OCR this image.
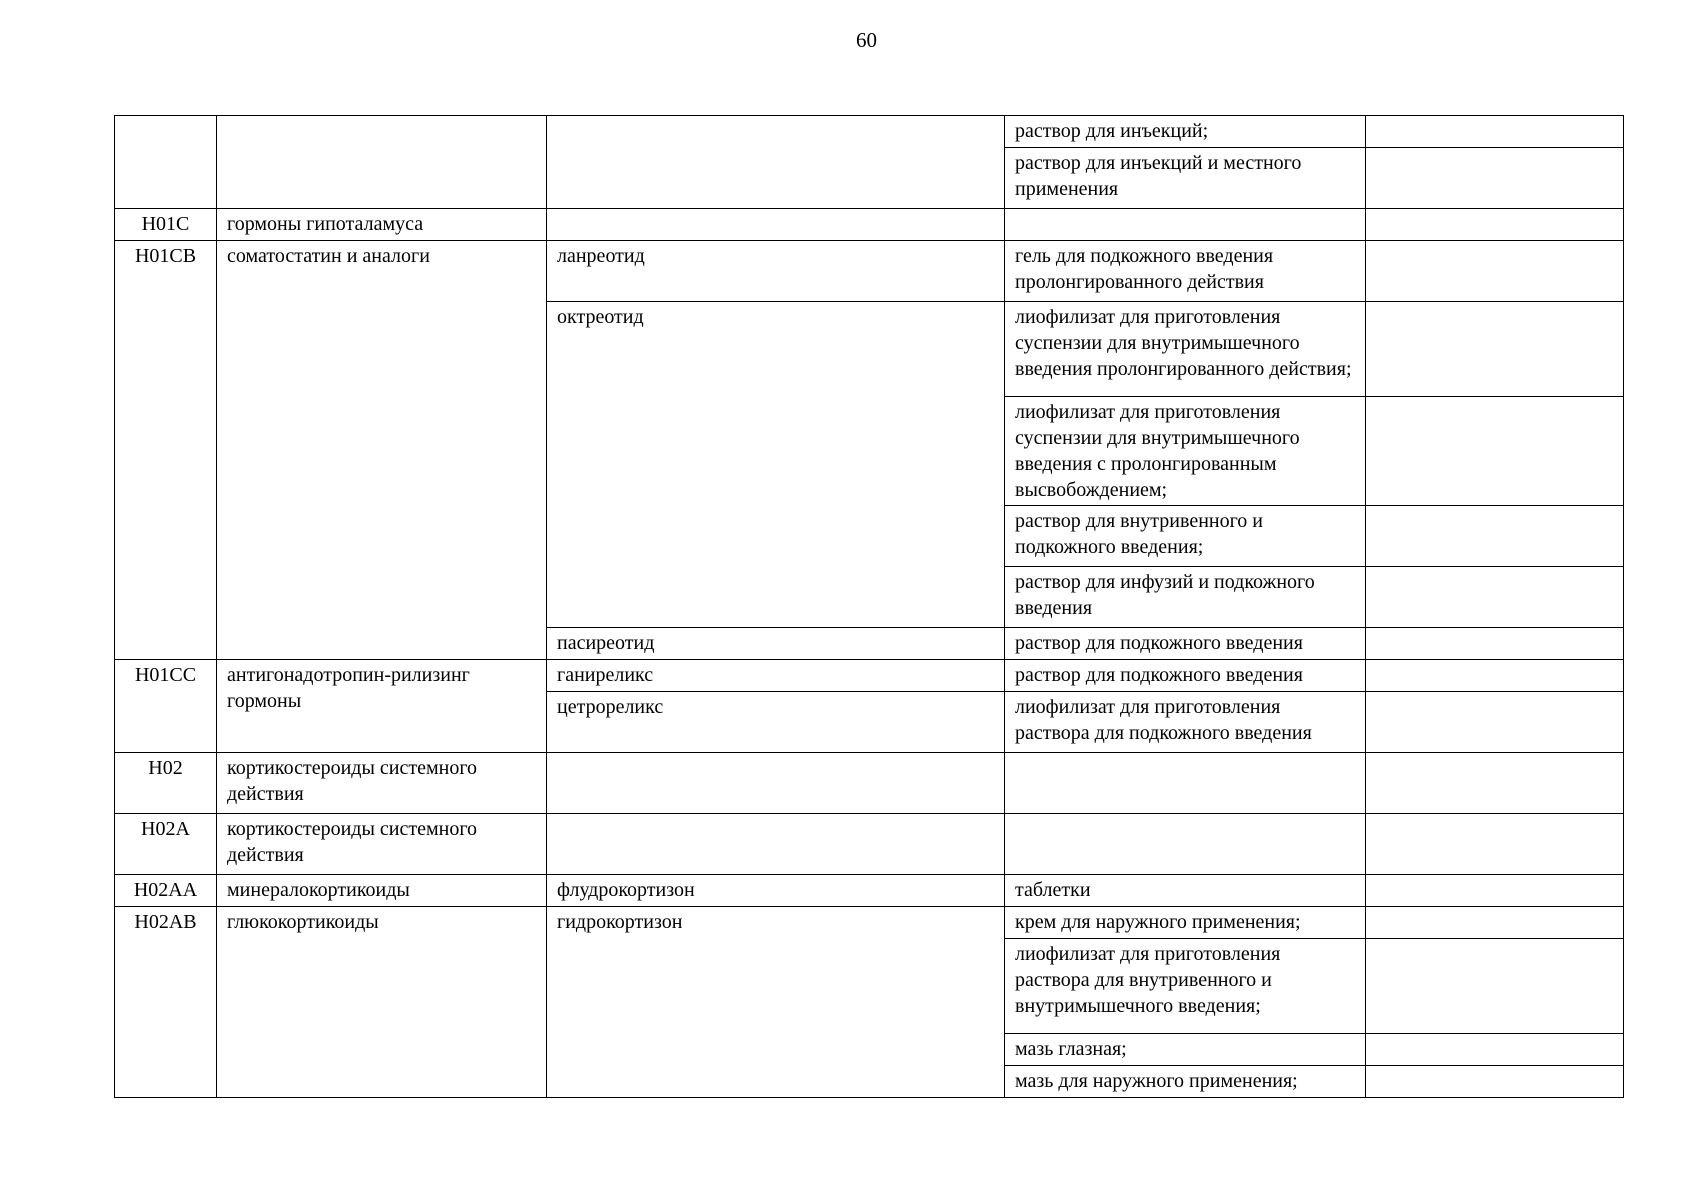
60
			раствор для инъекций;	
			раствор для инъекций и местного применения	
H01C	гормоны гипоталамуса			
H01CB	соматостатин и аналоги	ланреотид	гель для подкожного введения пролонгированного действия	
		октреотид	лиофилизат для приготовления суспензии для внутримышечного введения пролонгированного действия;	
			лиофилизат для приготовления суспензии для внутримышечного введения с пролонгированным высвобождением;	
			раствор для внутривенного и подкожного введения;	
			раствор для инфузий и подкожного введения	
		пасиреотид	раствор для подкожного введения	
H01CC	антигонадотропин-рилизинг гормоны	ганиреликс	раствор для подкожного введения	
		цетрореликс	лиофилизат для приготовления раствора для подкожного введения	
H02	кортикостероиды системного действия			
H02A	кортикостероиды системного действия			
H02AA	минералокортикоиды	флудрокортизон	таблетки	
H02AB	глюкокортикоиды	гидрокортизон	крем для наружного применения;	
			лиофилизат для приготовления раствора для внутривенного и внутримышечного введения;	
			мазь глазная;	
			мазь для наружного применения;	
